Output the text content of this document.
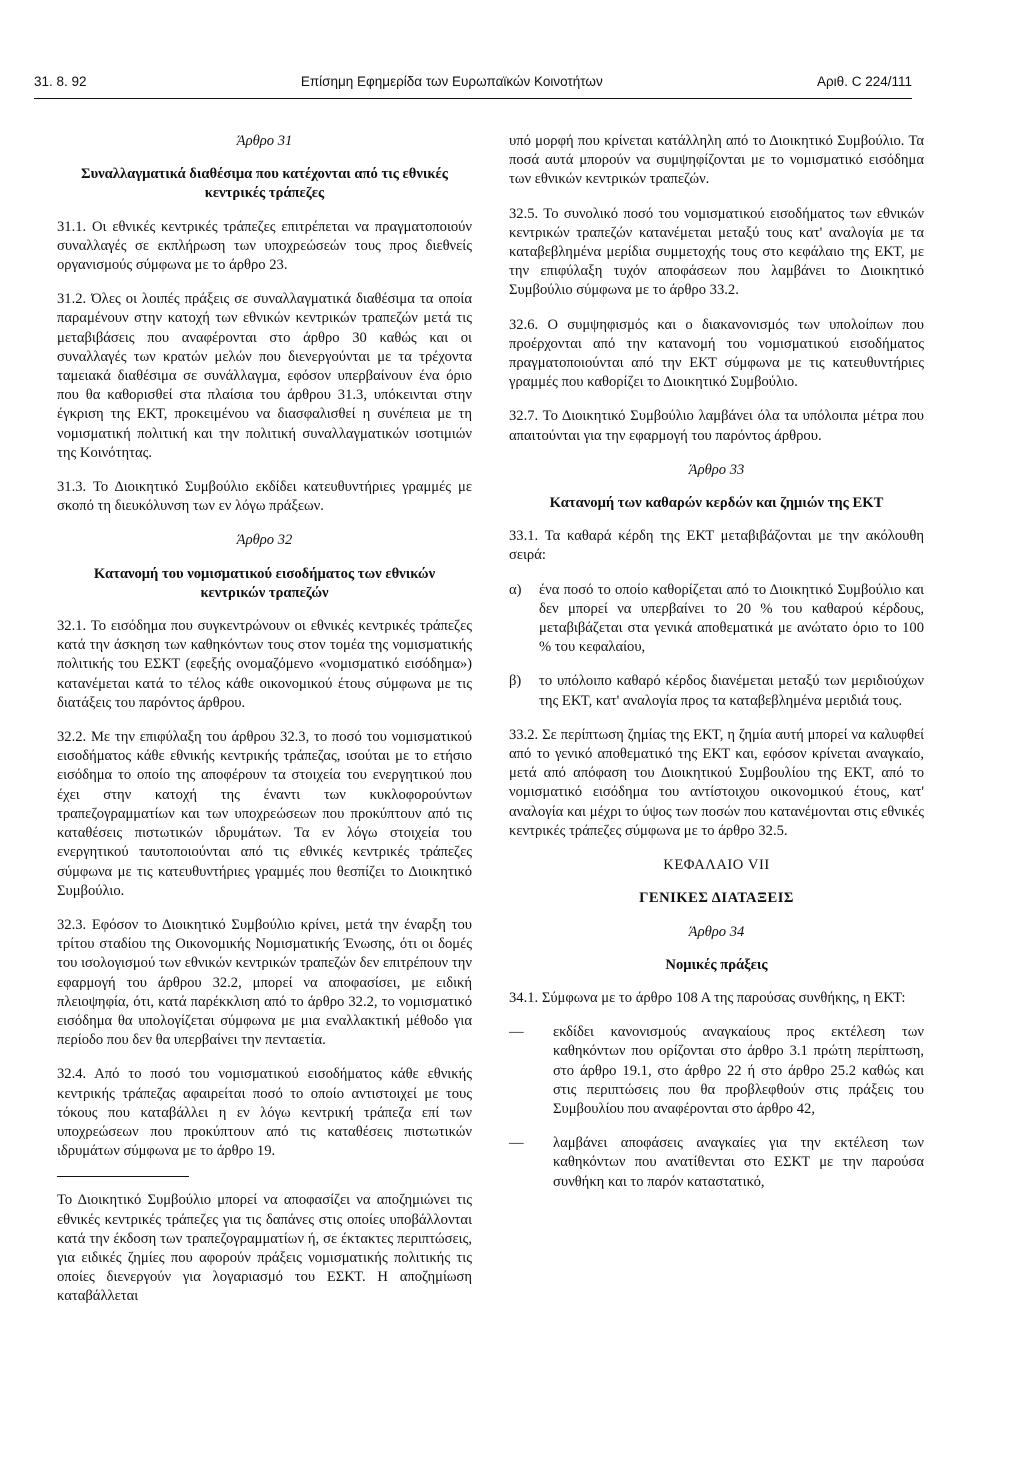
31. 8. 92	Επίσημη Εφημερίδα των Ευρωπαϊκών Κοινοτήτων	Αριθ. C 224/111
Άρθρο 31
Συναλλαγματικά διαθέσιμα που κατέχονται από τις εθνικές κεντρικές τράπεζες

31.1. Οι εθνικές κεντρικές τράπεζες επιτρέπεται να πραγματοποιούν συναλλαγές σε εκπλήρωση των υποχρεώσεών τους προς διεθνείς οργανισμούς σύμφωνα με το άρθρο 23.

31.2. Όλες οι λοιπές πράξεις σε συναλλαγματικά διαθέσιμα τα οποία παραμένουν στην κατοχή των εθνικών κεντρικών τραπεζών μετά τις μεταβιβάσεις που αναφέρονται στο άρθρο 30 καθώς και οι συναλλαγές των κρατών μελών που διενεργούνται με τα τρέχοντα ταμειακά διαθέσιμα σε συνάλλαγμα, εφόσον υπερβαίνουν ένα όριο που θα καθορισθεί στα πλαίσια του άρθρου 31.3, υπόκεινται στην έγκριση της ΕΚΤ, προκειμένου να διασφαλισθεί η συνέπεια με τη νομισματική πολιτική και την πολιτική συναλλαγματικών ισοτιμιών της Κοινότητας.

31.3. Το Διοικητικό Συμβούλιο εκδίδει κατευθυντήριες γραμμές με σκοπό τη διευκόλυνση των εν λόγω πράξεων.

Άρθρο 32
Κατανομή του νομισματικού εισοδήματος των εθνικών κεντρικών τραπεζών

32.1. Το εισόδημα που συγκεντρώνουν οι εθνικές κεντρικές τράπεζες κατά την άσκηση των καθηκόντων τους στον τομέα της νομισματικής πολιτικής του ΕΣΚΤ (εφεξής ονομαζόμενο «νομισματικό εισόδημα») κατανέμεται κατά το τέλος κάθε οικονομικού έτους σύμφωνα με τις διατάξεις του παρόντος άρθρου.

32.2. Με την επιφύλαξη του άρθρου 32.3, το ποσό του νομισματικού εισοδήματος κάθε εθνικής κεντρικής τράπεζας, ισούται με το ετήσιο εισόδημα το οποίο της αποφέρουν τα στοιχεία του ενεργητικού που έχει στην κατοχή της έναντι των κυκλοφορούντων τραπεζογραμματίων και των υποχρεώσεων που προκύπτουν από τις καταθέσεις πιστωτικών ιδρυμάτων. Τα εν λόγω στοιχεία του ενεργητικού ταυτοποιούνται από τις εθνικές κεντρικές τράπεζες σύμφωνα με τις κατευθυντήριες γραμμές που θεσπίζει το Διοικητικό Συμβούλιο.

32.3. Εφόσον το Διοικητικό Συμβούλιο κρίνει, μετά την έναρξη του τρίτου σταδίου της Οικονομικής Νομισματικής Ένωσης, ότι οι δομές του ισολογισμού των εθνικών κεντρικών τραπεζών δεν επιτρέπουν την εφαρμογή του άρθρου 32.2, μπορεί να αποφασίσει, με ειδική πλειοψηφία, ότι, κατά παρέκκλιση από το άρθρο 32.2, το νομισματικό εισόδημα θα υπολογίζεται σύμφωνα με μια εναλλακτική μέθοδο για περίοδο που δεν θα υπερβαίνει την πενταετία.

32.4. Από το ποσό του νομισματικού εισοδήματος κάθε εθνικής κεντρικής τράπεζας αφαιρείται ποσό το οποίο αντιστοιχεί με τους τόκους που καταβάλλει η εν λόγω κεντρική τράπεζα επί των υποχρεώσεων που προκύπτουν από τις καταθέσεις πιστωτικών ιδρυμάτων σύμφωνα με το άρθρο 19.

Το Διοικητικό Συμβούλιο μπορεί να αποφασίζει να αποζημιώνει τις εθνικές κεντρικές τράπεζες για τις δαπάνες στις οποίες υποβάλλονται κατά την έκδοση των τραπεζογραμματίων ή, σε έκτακτες περιπτώσεις, για ειδικές ζημίες που αφορούν πράξεις νομισματικής πολιτικής τις οποίες διενεργούν για λογαριασμό του ΕΣΚΤ. Η αποζημίωση καταβάλλεται

υπό μορφή που κρίνεται κατάλληλη από το Διοικητικό Συμβούλιο. Τα ποσά αυτά μπορούν να συμψηφίζονται με το νομισματικό εισόδημα των εθνικών κεντρικών τραπεζών.

32.5. Το συνολικό ποσό του νομισματικού εισοδήματος των εθνικών κεντρικών τραπεζών κατανέμεται μεταξύ τους κατ' αναλογία με τα καταβεβλημένα μερίδια συμμετοχής τους στο κεφάλαιο της ΕΚΤ, με την επιφύλαξη τυχόν αποφάσεων που λαμβάνει το Διοικητικό Συμβούλιο σύμφωνα με το άρθρο 33.2.

32.6. Ο συμψηφισμός και ο διακανονισμός των υπολοίπων που προέρχονται από την κατανομή του νομισματικού εισοδήματος πραγματοποιούνται από την ΕΚΤ σύμφωνα με τις κατευθυντήριες γραμμές που καθορίζει το Διοικητικό Συμβούλιο.

32.7. Το Διοικητικό Συμβούλιο λαμβάνει όλα τα υπόλοιπα μέτρα που απαιτούνται για την εφαρμογή του παρόντος άρθρου.

Άρθρο 33
Κατανομή των καθαρών κερδών και ζημιών της ΕΚΤ

33.1. Τα καθαρά κέρδη της ΕΚΤ μεταβιβάζονται με την ακόλουθη σειρά:

α)	ένα ποσό το οποίο καθορίζεται από το Διοικητικό Συμβούλιο και δεν μπορεί να υπερβαίνει το 20 % του καθαρού κέρδους, μεταβιβάζεται στα γενικά αποθεματικά με ανώτατο όριο το 100 % του κεφαλαίου,
β)	το υπόλοιπο καθαρό κέρδος διανέμεται μεταξύ των μεριδιούχων της ΕΚΤ, κατ' αναλογία προς τα καταβεβλημένα μεριδιά τους.

33.2. Σε περίπτωση ζημίας της ΕΚΤ, η ζημία αυτή μπορεί να καλυφθεί από το γενικό αποθεματικό της ΕΚΤ και, εφόσον κρίνεται αναγκαίο, μετά από απόφαση του Διοικητικού Συμβουλίου της ΕΚΤ, από το νομισματικό εισόδημα του αντίστοιχου οικονομικού έτους, κατ' αναλογία και μέχρι το ύψος των ποσών που κατανέμονται στις εθνικές κεντρικές τράπεζες σύμφωνα με το άρθρο 32.5.

ΚΕΦΑΛΑΙΟ VII
ΓΕΝΙΚΕΣ ΔΙΑΤΑΞΕΙΣ
Άρθρο 34
Νομικές πράξεις

34.1. Σύμφωνα με το άρθρο 108 Α της παρούσας συνθήκης, η ΕΚΤ:

—	εκδίδει κανονισμούς αναγκαίους προς εκτέλεση των καθηκόντων που ορίζονται στο άρθρο 3.1 πρώτη περίπτωση, στο άρθρο 19.1, στο άρθρο 22 ή στο άρθρο 25.2 καθώς και στις περιπτώσεις που θα προβλεφθούν στις πράξεις του Συμβουλίου που αναφέρονται στο άρθρο 42,
—	λαμβάνει αποφάσεις αναγκαίες για την εκτέλεση των καθηκόντων που ανατίθενται στο ΕΣΚΤ με την παρούσα συνθήκη και το παρόν καταστατικό,
